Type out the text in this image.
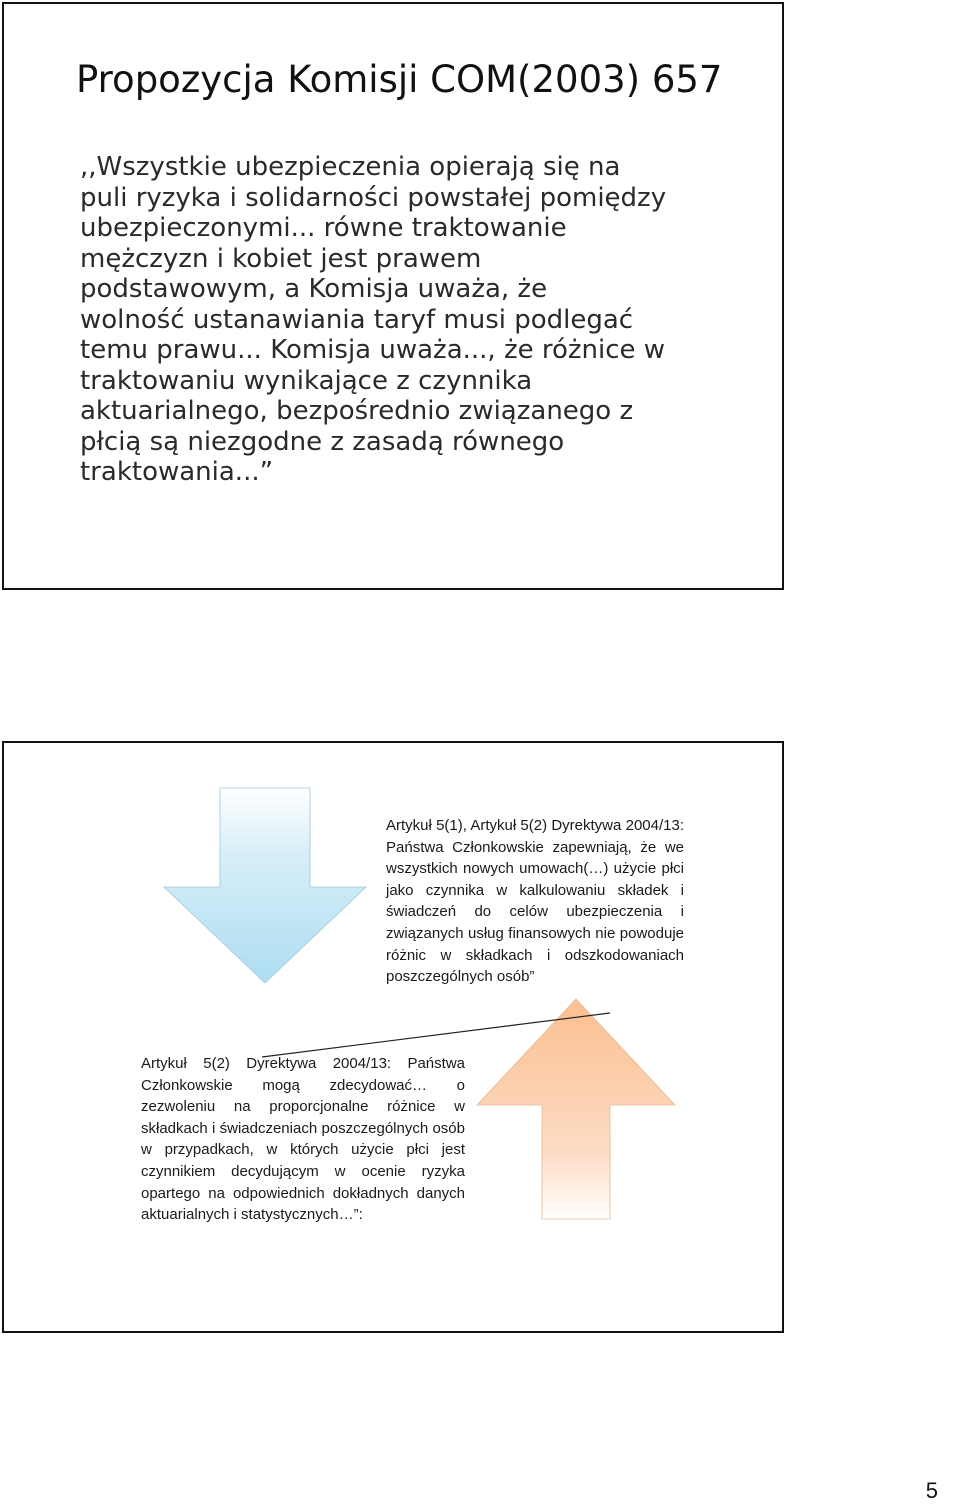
Propozycja Komisji COM(2003) 657

,,Wszystkie ubezpieczenia opierają się na
puli ryzyka i solidarności powstałej pomiędzy
ubezpieczonymi... równe traktowanie
mężczyzn i kobiet jest prawem
podstawowym, a Komisja uważa, że
wolność ustanawiania taryf musi podlegać
temu prawu... Komisja uważa..., że różnice w
traktowaniu wynikające z czynnika
aktuarialnego, bezpośrednio związanego z
płcią są niezgodne z zasadą równego
traktowania...”

Artykuł 5(1), Artykuł 5(2) Dyrektywa 2004/13: Państwa Członkowskie zapewniają, że we wszystkich nowych umowach(…) użycie płci jako czynnika w kalkulowaniu składek i świadczeń do celów ubezpieczenia i związanych usług finansowych nie powoduje różnic w składkach i odszkodowaniach poszczególnych osób”

Artykuł 5(2) Dyrektywa 2004/13: Państwa Członkowskie mogą zdecydować… o zezwoleniu na proporcjonalne różnice w składkach i świadczeniach poszczególnych osób w przypadkach, w których użycie płci jest czynnikiem decydującym w ocenie ryzyka opartego na odpowiednich dokładnych danych aktuarialnych i statystycznych…”:

5
